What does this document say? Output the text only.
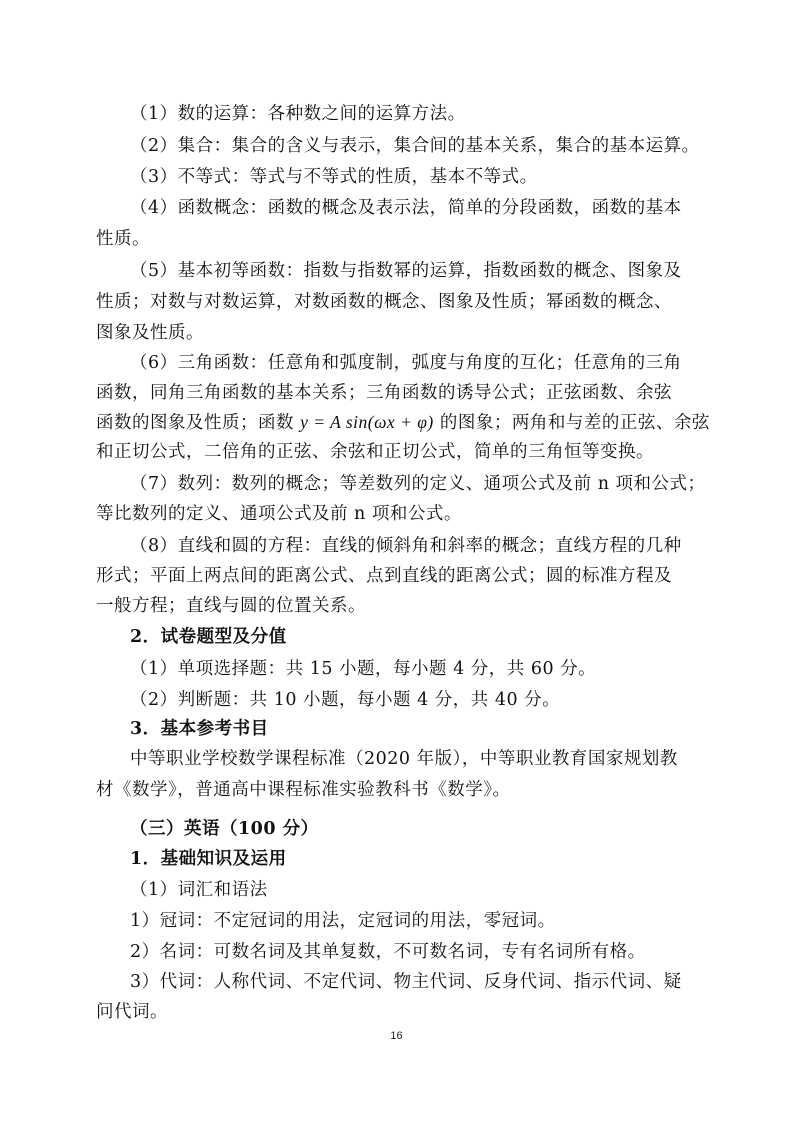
（1）数的运算：各种数之间的运算方法。
（2）集合：集合的含义与表示，集合间的基本关系，集合的基本运算。
（3）不等式：等式与不等式的性质，基本不等式。
（4）函数概念：函数的概念及表示法，简单的分段函数，函数的基本
性质。
（5）基本初等函数：指数与指数幂的运算，指数函数的概念、图象及
性质；对数与对数运算，对数函数的概念、图象及性质；幂函数的概念、
图象及性质。
（6）三角函数：任意角和弧度制，弧度与角度的互化；任意角的三角
函数，同角三角函数的基本关系；三角函数的诱导公式；正弦函数、余弦
函数的图象及性质；函数 y = A sin(ωx + φ) 的图象；两角和与差的正弦、余弦
和正切公式，二倍角的正弦、余弦和正切公式，简单的三角恒等变换。
（7）数列：数列的概念；等差数列的定义、通项公式及前 n 项和公式；
等比数列的定义、通项公式及前 n 项和公式。
（8）直线和圆的方程：直线的倾斜角和斜率的概念；直线方程的几种
形式；平面上两点间的距离公式、点到直线的距离公式；圆的标准方程及
一般方程；直线与圆的位置关系。
2．试卷题型及分值
（1）单项选择题：共 15 小题，每小题 4 分，共 60 分。
（2）判断题：共 10 小题，每小题 4 分，共 40 分。
3．基本参考书目
中等职业学校数学课程标准（2020 年版），中等职业教育国家规划教
材《数学》，普通高中课程标准实验教科书《数学》。
（三）英语（100 分）
1．基础知识及运用
（1）词汇和语法
1）冠词：不定冠词的用法，定冠词的用法，零冠词。
2）名词：可数名词及其单复数，不可数名词，专有名词所有格。
3）代词：人称代词、不定代词、物主代词、反身代词、指示代词、疑
问代词。
16
